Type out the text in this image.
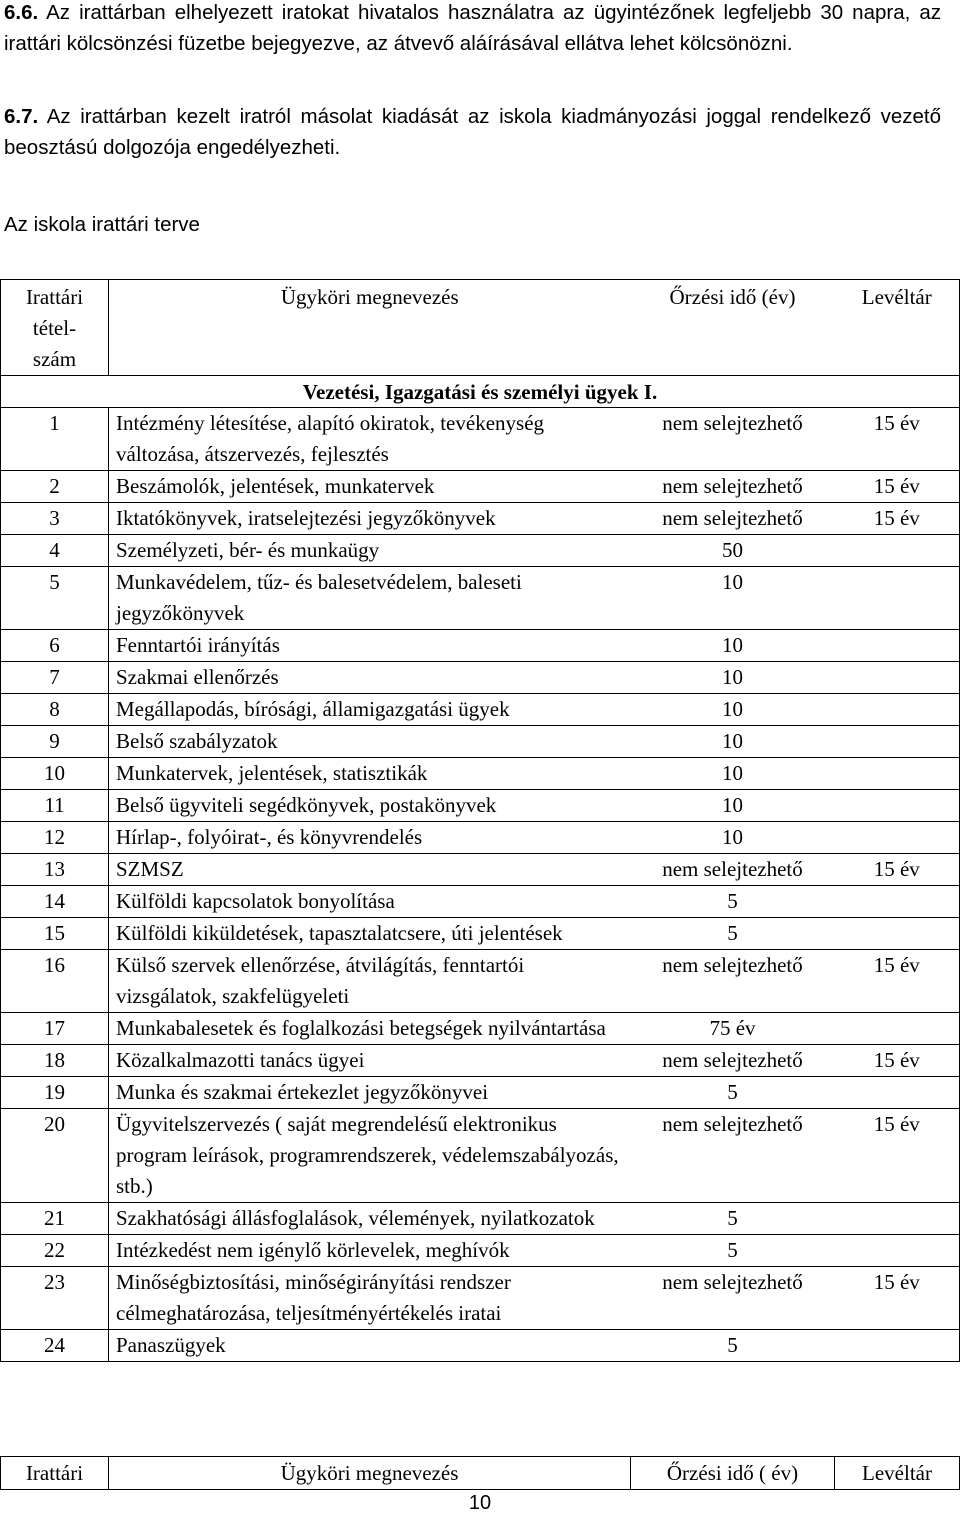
6.6. Az irattárban elhelyezett iratokat hivatalos használatra az ügyintézőnek legfeljebb 30 napra, az irattári kölcsönzési füzetbe bejegyezve, az átvevő aláírásával ellátva lehet kölcsönözni.
6.7. Az irattárban kezelt iratról másolat kiadását az iskola kiadmányozási joggal rendelkező vezető beosztású dolgozója engedélyezheti.
Az iskola irattári terve
Irattári
tétel-
szám	Ügyköri megnevezés	Őrzési idő (év)	Levéltár
Vezetési, Igazgatási és személyi ügyek I.			
1	Intézmény létesítése, alapító okiratok, tevékenység változása, átszervezés, fejlesztés	nem selejtezhető	15 év
2	Beszámolók, jelentések, munkatervek	nem selejtezhető	15 év
3	Iktatókönyvek, iratselejtezési jegyzőkönyvek	nem selejtezhető	15 év
4	Személyzeti, bér- és munkaügy	50	
5	Munkavédelem, tűz- és balesetvédelem, baleseti jegyzőkönyvek	10	
6	Fenntartói irányítás	10	
7	Szakmai ellenőrzés	10	
8	Megállapodás, bírósági, államigazgatási ügyek	10	
9	Belső szabályzatok	10	
10	Munkatervek, jelentések, statisztikák	10	
11	Belső ügyviteli segédkönyvek, postakönyvek	10	
12	Hírlap-, folyóirat-, és könyvrendelés	10	
13	SZMSZ	nem selejtezhető	15 év
14	Külföldi kapcsolatok bonyolítása	5	
15	Külföldi kiküldetések, tapasztalatcsere, úti jelentések	5	
16	Külső szervek ellenőrzése, átvilágítás, fenntartói vizsgálatok, szakfelügyeleti	nem selejtezhető	15 év
17	Munkabalesetek és foglalkozási betegségek nyilvántartása	75 év	
18	Közalkalmazotti tanács ügyei	nem selejtezhető	15 év
19	Munka és szakmai értekezlet jegyzőkönyvei	5	
20	Ügyvitelszervezés ( saját megrendelésű elektronikus program leírások, programrendszerek, védelemszabályozás, stb.)	nem selejtezhető	15 év
21	Szakhatósági állásfoglalások, vélemények, nyilatkozatok	5	
22	Intézkedést nem igénylő körlevelek, meghívók	5	
23	Minőségbiztosítási, minőségirányítási rendszer célmeghatározása, teljesítményértékelés iratai	nem selejtezhető	15 év
24	Panaszügyek	5	
Irattári	Ügyköri megnevezés	Őrzési idő ( év)	Levéltár
10
